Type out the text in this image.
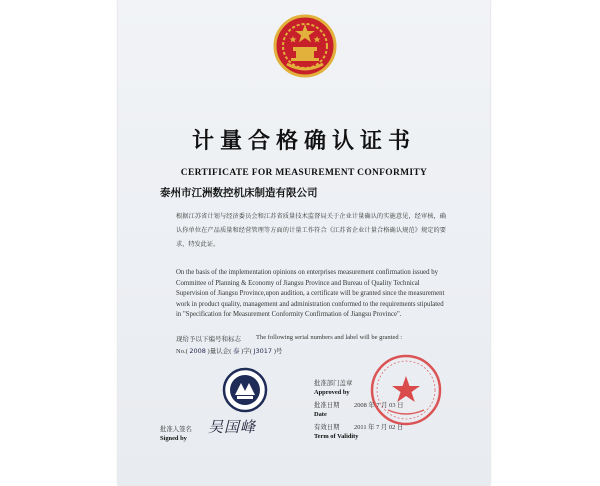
计量合格确认证书
CERTIFICATE FOR MEASUREMENT CONFORMITY
泰州市江洲数控机床制造有限公司
根据江苏省计划与经济委员会和江苏省质量技术监督局关于企业计量确认的实施意见，经审核，确认你单位在产品质量和经营管理等方面的计量工作符合《江苏省企业计量合格确认规范》规定的要求，特发此证。
On the basis of the implementation opinions on enterprises measurement confirmation issued by Committee of Planning & Economy of Jiangsu Province and Bureau of Quality Technical Supervision of Jiangsu Province,upon audition, a certificate will be granted since the measurement work in product quality, management and administration conformed to the requirements stipulated in "Specification for Measurement Conformity Confirmation of Jiangsu Province".
现给予以下编号和标志 The following serial numbers and label will be granted :
No.( 2008 )量认企( 泰 )字( J3017 )号
批准部门盖章
Approved by
批准日期 2008 年 7 月 03 日
Date
有效日期 2011 年 7 月 02 日
Term of Validity
批准人签名
Signed by
吴国峰
